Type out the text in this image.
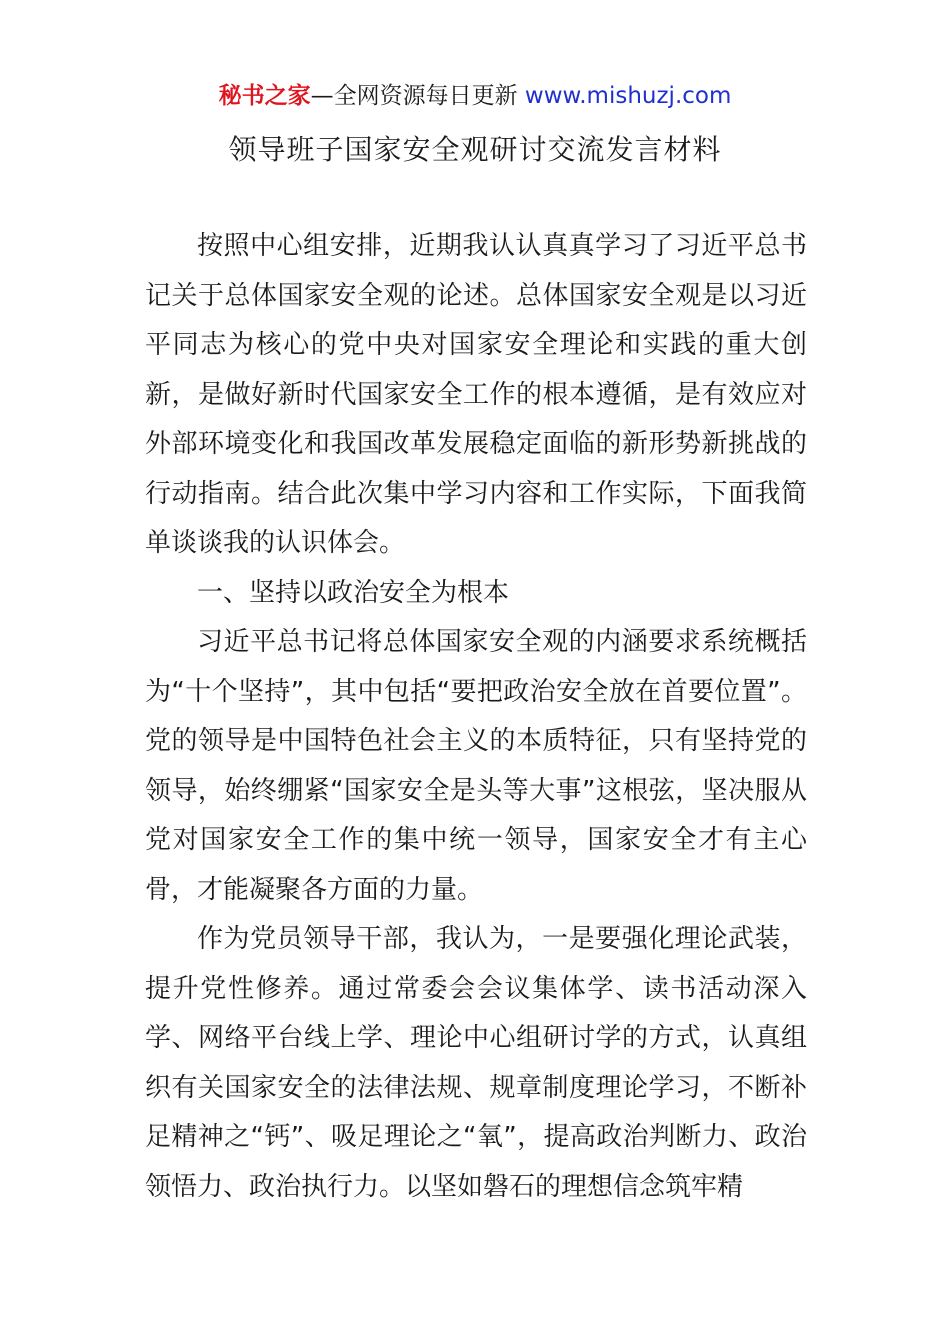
秘书之家—全网资源每日更新 www.mishuzj.com
领导班子国家安全观研讨交流发言材料

按照中心组安排，近期我认认真真学习了习近平总书记关于总体国家安全观的论述。总体国家安全观是以习近平同志为核心的党中央对国家安全理论和实践的重大创新，是做好新时代国家安全工作的根本遵循，是有效应对外部环境变化和我国改革发展稳定面临的新形势新挑战的行动指南。结合此次集中学习内容和工作实际，下面我简单谈谈我的认识体会。

一、坚持以政治安全为根本

习近平总书记将总体国家安全观的内涵要求系统概括为“十个坚持”，其中包括“要把政治安全放在首要位置”。党的领导是中国特色社会主义的本质特征，只有坚持党的领导，始终绷紧“国家安全是头等大事”这根弦，坚决服从党对国家安全工作的集中统一领导，国家安全才有主心骨，才能凝聚各方面的力量。

作为党员领导干部，我认为，一是要强化理论武装，提升党性修养。通过常委会会议集体学、读书活动深入学、网络平台线上学、理论中心组研讨学的方式，认真组织有关国家安全的法律法规、规章制度理论学习，不断补足精神之“钙”、吸足理论之“氧”，提高政治判断力、政治领悟力、政治执行力。以坚如磐石的理想信念筑牢精
